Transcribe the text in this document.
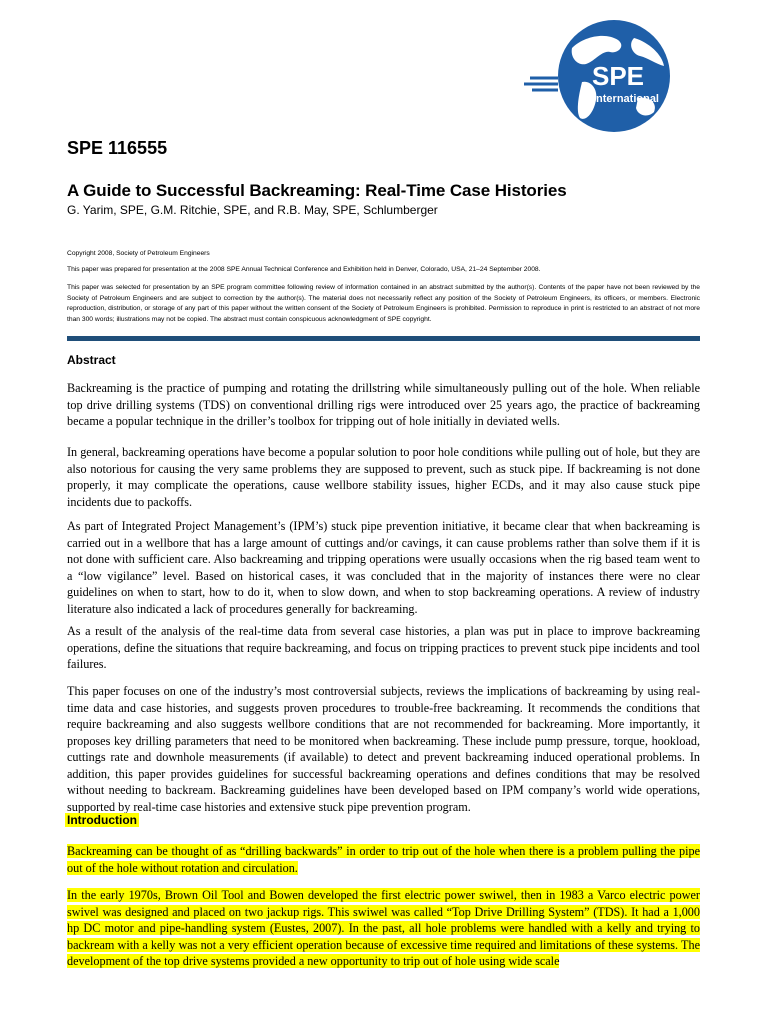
SPE
International
SPE 116555
A Guide to Successful Backreaming: Real-Time Case Histories
G. Yarim, SPE, G.M. Ritchie, SPE, and R.B. May, SPE, Schlumberger
Copyright 2008, Society of Petroleum Engineers
This paper was prepared for presentation at the 2008 SPE Annual Technical Conference and Exhibition held in Denver, Colorado, USA, 21–24 September 2008.
This paper was selected for presentation by an SPE program committee following review of information contained in an abstract submitted by the author(s). Contents of the paper have not been reviewed by the Society of Petroleum Engineers and are subject to correction by the author(s). The material does not necessarily reflect any position of the Society of Petroleum Engineers, its officers, or members. Electronic reproduction, distribution, or storage of any part of this paper without the written consent of the Society of Petroleum Engineers is prohibited. Permission to reproduce in print is restricted to an abstract of not more than 300 words; illustrations may not be copied. The abstract must contain conspicuous acknowledgment of SPE copyright.
Abstract
Backreaming is the practice of pumping and rotating the drillstring while simultaneously pulling out of the hole. When reliable top drive drilling systems (TDS) on conventional drilling rigs were introduced over 25 years ago, the practice of backreaming became a popular technique in the driller’s toolbox for tripping out of hole initially in deviated wells.
In general, backreaming operations have become a popular solution to poor hole conditions while pulling out of hole, but they are also notorious for causing the very same problems they are supposed to prevent, such as stuck pipe. If backreaming is not done properly, it may complicate the operations, cause wellbore stability issues, higher ECDs, and it may also cause stuck pipe incidents due to packoffs.
As part of Integrated Project Management’s (IPM’s) stuck pipe prevention initiative, it became clear that when backreaming is carried out in a wellbore that has a large amount of cuttings and/or cavings, it can cause problems rather than solve them if it is not done with sufficient care. Also backreaming and tripping operations were usually occasions when the rig based team went to a “low vigilance” level. Based on historical cases, it was concluded that in the majority of instances there were no clear guidelines on when to start, how to do it, when to slow down, and when to stop backreaming operations. A review of industry literature also indicated a lack of procedures generally for backreaming.
As a result of the analysis of the real-time data from several case histories, a plan was put in place to improve backreaming operations, define the situations that require backreaming, and focus on tripping practices to prevent stuck pipe incidents and tool failures.
This paper focuses on one of the industry’s most controversial subjects, reviews the implications of backreaming by using real-time data and case histories, and suggests proven procedures to trouble-free backreaming. It recommends the conditions that require backreaming and also suggests wellbore conditions that are not recommended for backreaming. More importantly, it proposes key drilling parameters that need to be monitored when backreaming. These include pump pressure, torque, hookload, cuttings rate and downhole measurements (if available) to detect and prevent backreaming induced operational problems. In addition, this paper provides guidelines for successful backreaming operations and defines conditions that may be resolved without needing to backream. Backreaming guidelines have been developed based on IPM company’s world wide operations, supported by real-time case histories and extensive stuck pipe prevention program.
Introduction
Backreaming can be thought of as “drilling backwards” in order to trip out of the hole when there is a problem pulling the pipe out of the hole without rotation and circulation.
In the early 1970s, Brown Oil Tool and Bowen developed the first electric power swiwel, then in 1983 a Varco electric power swivel was designed and placed on two jackup rigs. This swiwel was called “Top Drive Drilling System” (TDS). It had a 1,000 hp DC motor and pipe-handling system (Eustes, 2007). In the past, all hole problems were handled with a kelly and trying to backream with a kelly was not a very efficient operation because of excessive time required and limitations of these systems. The development of the top drive systems provided a new opportunity to trip out of hole using wide scale
